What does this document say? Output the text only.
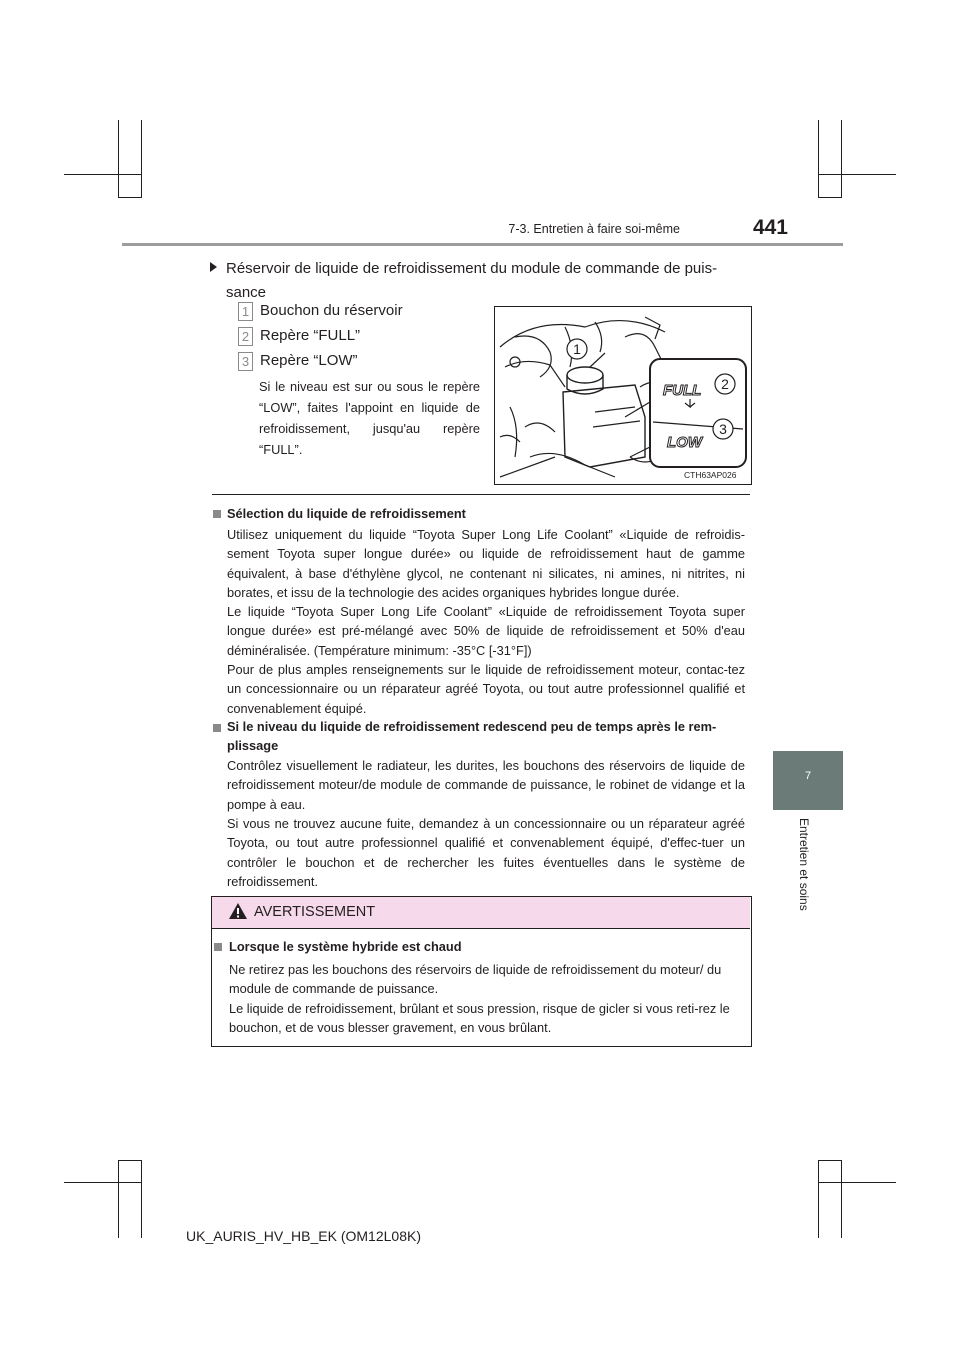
7-3. Entretien à faire soi-même	441
7
Entretien et soins
Réservoir de liquide de refroidissement du module de commande de puis-sance
1 Bouchon du réservoir
2 Repère “FULL”
3 Repère “LOW”
Si le niveau est sur ou sous le repère “LOW”, faites l'appoint en liquide de refroidissement, jusqu'au repère “FULL”.
1
FULL
LOW
2
3
CTH63AP026
Sélection du liquide de refroidissement
Utilisez uniquement du liquide “Toyota Super Long Life Coolant” «Liquide de refroidis-sement Toyota super longue durée» ou liquide de refroidissement haut de gamme équivalent, à base d'éthylène glycol, ne contenant ni silicates, ni amines, ni nitrites, ni borates, et issu de la technologie des acides organiques hybrides longue durée.
Le liquide “Toyota Super Long Life Coolant” «Liquide de refroidissement Toyota super longue durée» est pré-mélangé avec 50% de liquide de refroidissement et 50% d'eau déminéralisée. (Température minimum: -35°C [-31°F])
Pour de plus amples renseignements sur le liquide de refroidissement moteur, contac-tez un concessionnaire ou un réparateur agréé Toyota, ou tout autre professionnel qualifié et convenablement équipé.
Si le niveau du liquide de refroidissement redescend peu de temps après le rem-plissage
Contrôlez visuellement le radiateur, les durites, les bouchons des réservoirs de liquide de refroidissement moteur/de module de commande de puissance, le robinet de vidange et la pompe à eau.
Si vous ne trouvez aucune fuite, demandez à un concessionnaire ou un réparateur agréé Toyota, ou tout autre professionnel qualifié et convenablement équipé, d'effec-tuer un contrôler le bouchon et de rechercher les fuites éventuelles dans le système de refroidissement.
AVERTISSEMENT
Lorsque le système hybride est chaud
Ne retirez pas les bouchons des réservoirs de liquide de refroidissement du moteur/ du module de commande de puissance.
Le liquide de refroidissement, brûlant et sous pression, risque de gicler si vous reti-rez le bouchon, et de vous blesser gravement, en vous brûlant.
UK_AURIS_HV_HB_EK (OM12L08K)
